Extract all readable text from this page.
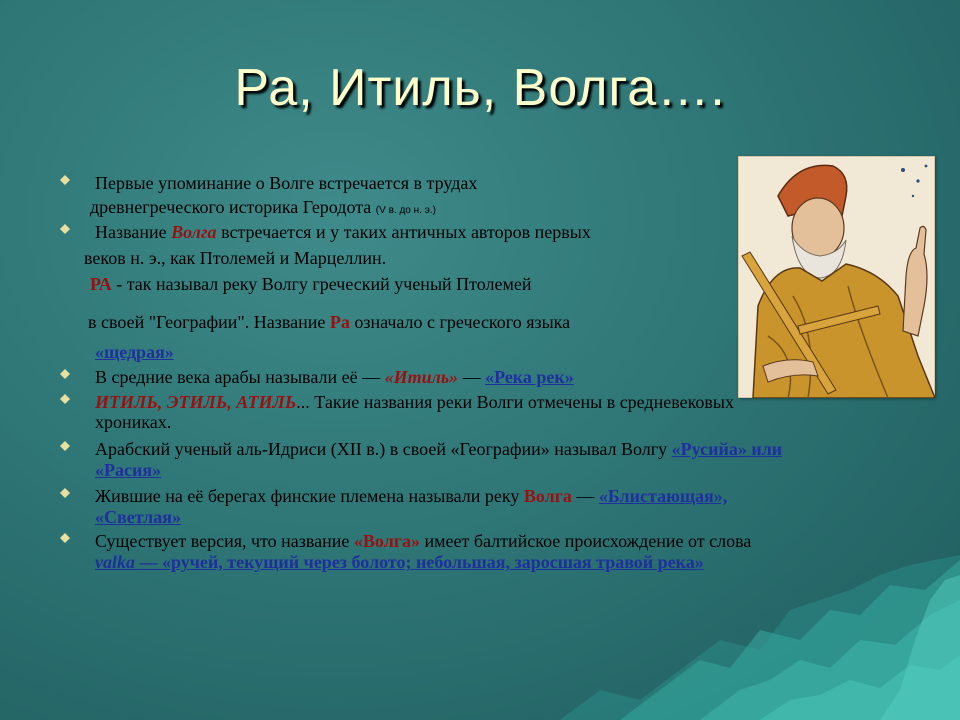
Ра, Итиль, Волга….
Первые упоминание о Волге встречается в трудах
древнегреческого историка Геродота (V в. до н. э.)
Название Волга встречается и у таких античных авторов первых
веков н. э., как Птолемей и Марцеллин.
РА - так называл реку Волгу греческий ученый Птолемей
в своей "Географии". Название Ра означало с греческого языка
«щедрая»
В средние века арабы называли её — «Итиль» — «Река рек»
ИТИЛЬ, ЭТИЛЬ, АТИЛЬ... Такие названия реки Волги отмечены в средневековых
хрониках.
Арабский ученый аль-Идриси (XII в.) в своей «Географии» называл Волгу «Русийа» или
«Расия»
Жившие на её берегах финские племена называли реку Волга — «Блистающая»,
«Светлая»
Существует версия, что название «Волга» имеет балтийское происхождение от слова
valka — «ручей, текущий через болото; небольшая, заросшая травой река»
